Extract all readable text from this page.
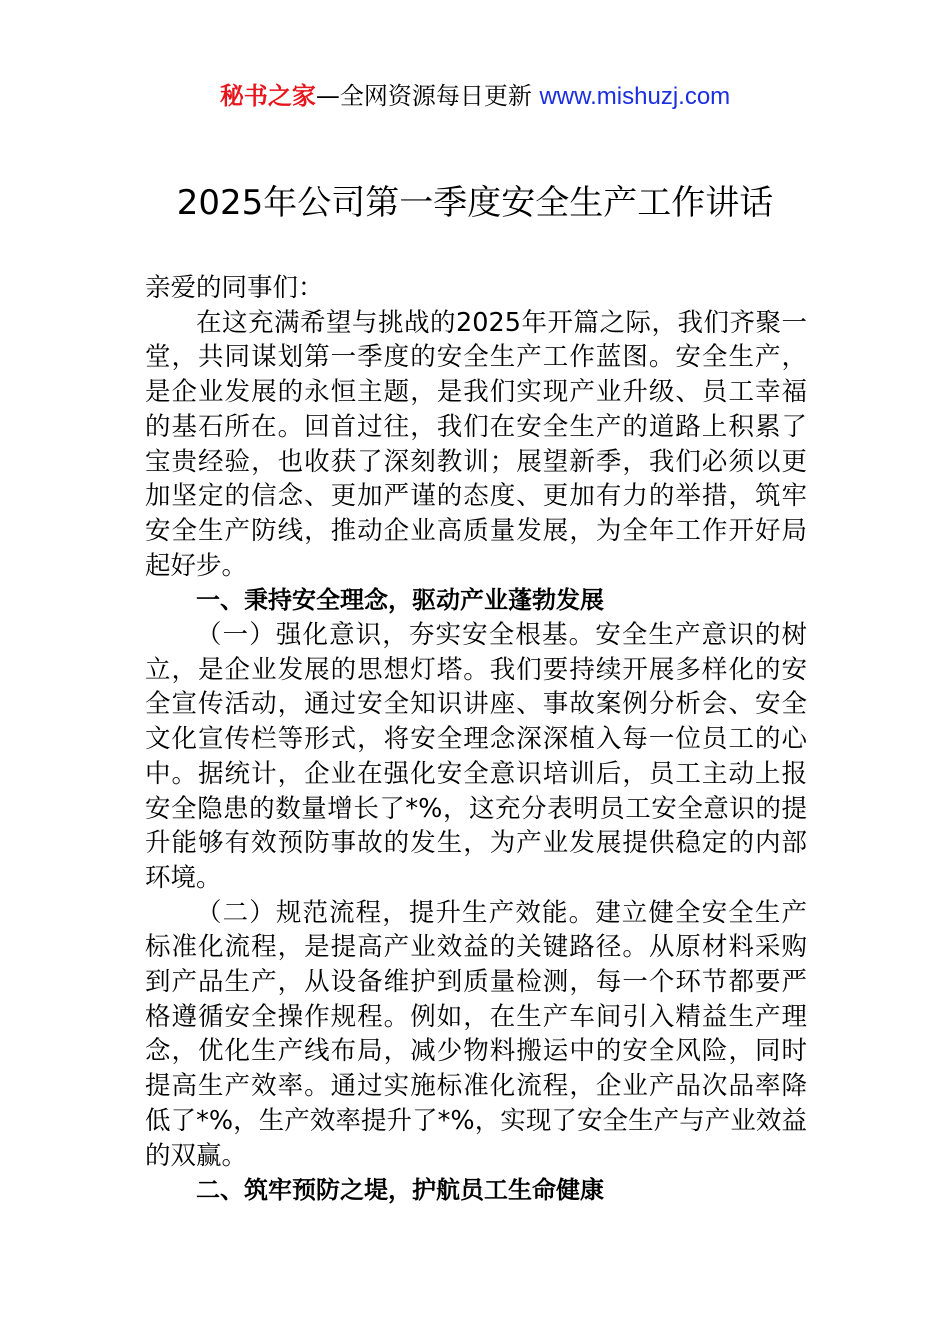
秘书之家—全网资源每日更新 www.mishuzj.com
2025年公司第一季度安全生产工作讲话

亲爱的同事们：

在这充满希望与挑战的2025年开篇之际，我们齐聚一堂，共同谋划第一季度的安全生产工作蓝图。安全生产，是企业发展的永恒主题，是我们实现产业升级、员工幸福的基石所在。回首过往，我们在安全生产的道路上积累了宝贵经验，也收获了深刻教训；展望新季，我们必须以更加坚定的信念、更加严谨的态度、更加有力的举措，筑牢安全生产防线，推动企业高质量发展，为全年工作开好局起好步。

一、秉持安全理念，驱动产业蓬勃发展

（一）强化意识，夯实安全根基。安全生产意识的树立，是企业发展的思想灯塔。我们要持续开展多样化的安全宣传活动，通过安全知识讲座、事故案例分析会、安全文化宣传栏等形式，将安全理念深深植入每一位员工的心中。据统计，企业在强化安全意识培训后，员工主动上报安全隐患的数量增长了*%，这充分表明员工安全意识的提升能够有效预防事故的发生，为产业发展提供稳定的内部环境。

（二）规范流程，提升生产效能。建立健全安全生产标准化流程，是提高产业效益的关键路径。从原材料采购到产品生产，从设备维护到质量检测，每一个环节都要严格遵循安全操作规程。例如，在生产车间引入精益生产理念，优化生产线布局，减少物料搬运中的安全风险，同时提高生产效率。通过实施标准化流程，企业产品次品率降低了*%，生产效率提升了*%，实现了安全生产与产业效益的双赢。

二、筑牢预防之堤，护航员工生命健康
